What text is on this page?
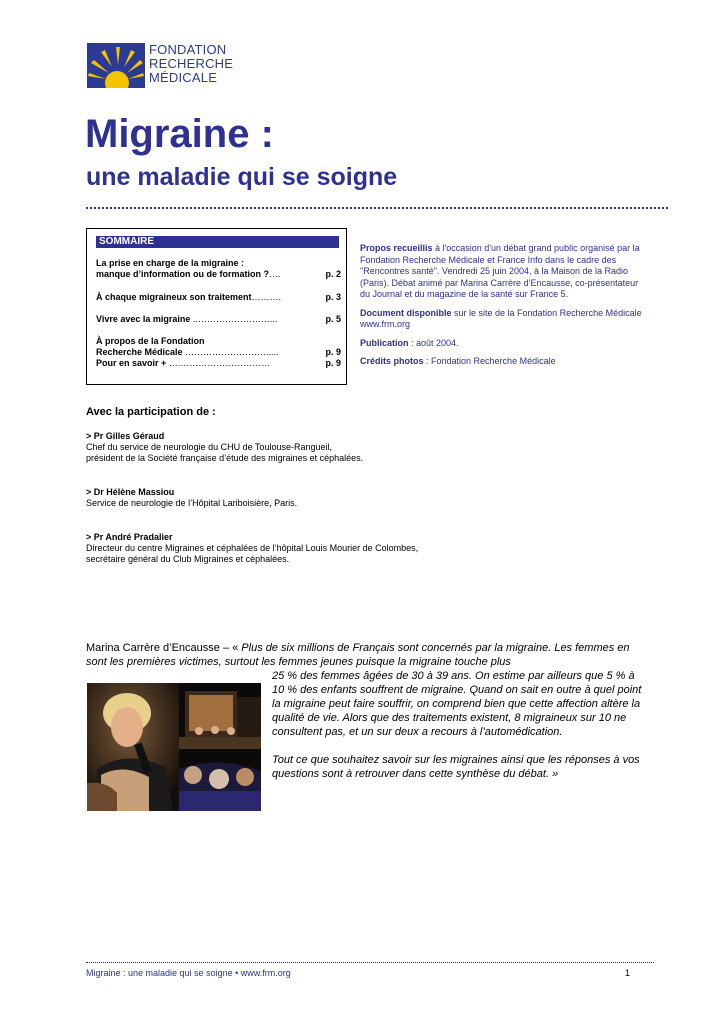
FONDATION
RECHERCHE
MÉDICALE
Migraine :
une maladie qui se soigne
SOMMAIRE
La prise en charge de la migraine :
manque d’information ou de formation ?….	p. 2
À chaque migraineux son traitement……….	p. 3
Vivre avec la migraine ..……………………...	p. 5
À propos de la Fondation
Recherche Médicale ……………………….....	p. 9
Pour en savoir + ….…………………………	p. 9

Propos recueillis à l'occasion d'un débat grand public organisé par la Fondation Recherche Médicale et France Info dans le cadre des "Rencontres santé". Vendredi 25 juin 2004, à la Maison de la Radio (Paris). Débat animé par Marina Carrère d’Encausse, co-présentateur du Journal et du magazine de la santé sur France 5.

Document disponible sur le site de la Fondation Recherche Médicale www.frm.org

Publication : août 2004.

Crédits photos : Fondation Recherche Médicale

Avec la participation de :
> Pr Gilles Géraud
Chef du service de neurologie du CHU de Toulouse-Rangueil,
président de la Société française d’étude des migraines et céphalées.
> Dr Hélène Massiou
Service de neurologie de l’Hôpital Lariboisière, Paris.
> Pr André Pradalier
Directeur du centre Migraines et céphalées de l’hôpital Louis Mourier de Colombes,
secrétaire général du Club Migraines et céphalées.
Marina Carrère d’Encausse – « Plus de six millions de Français sont concernés par la migraine. Les femmes en sont les premières victimes, surtout les femmes jeunes puisque la migraine touche plus

25 % des femmes âgées de 30 à 39 ans. On estime par ailleurs que 5 % à 10 % des enfants souffrent de migraine. Quand on sait en outre à quel point la migraine peut faire souffrir, on comprend bien que cette affection altère la qualité de vie. Alors que des traitements existent, 8 migraineux sur 10 ne consultent pas, et un sur deux a recours à l’automédication.

Tout ce que souhaitez savoir sur les migraines ainsi que les réponses à vos questions sont à retrouver dans cette synthèse du débat. »

Migraine : une maladie qui se soigne • www.frm.org	1
